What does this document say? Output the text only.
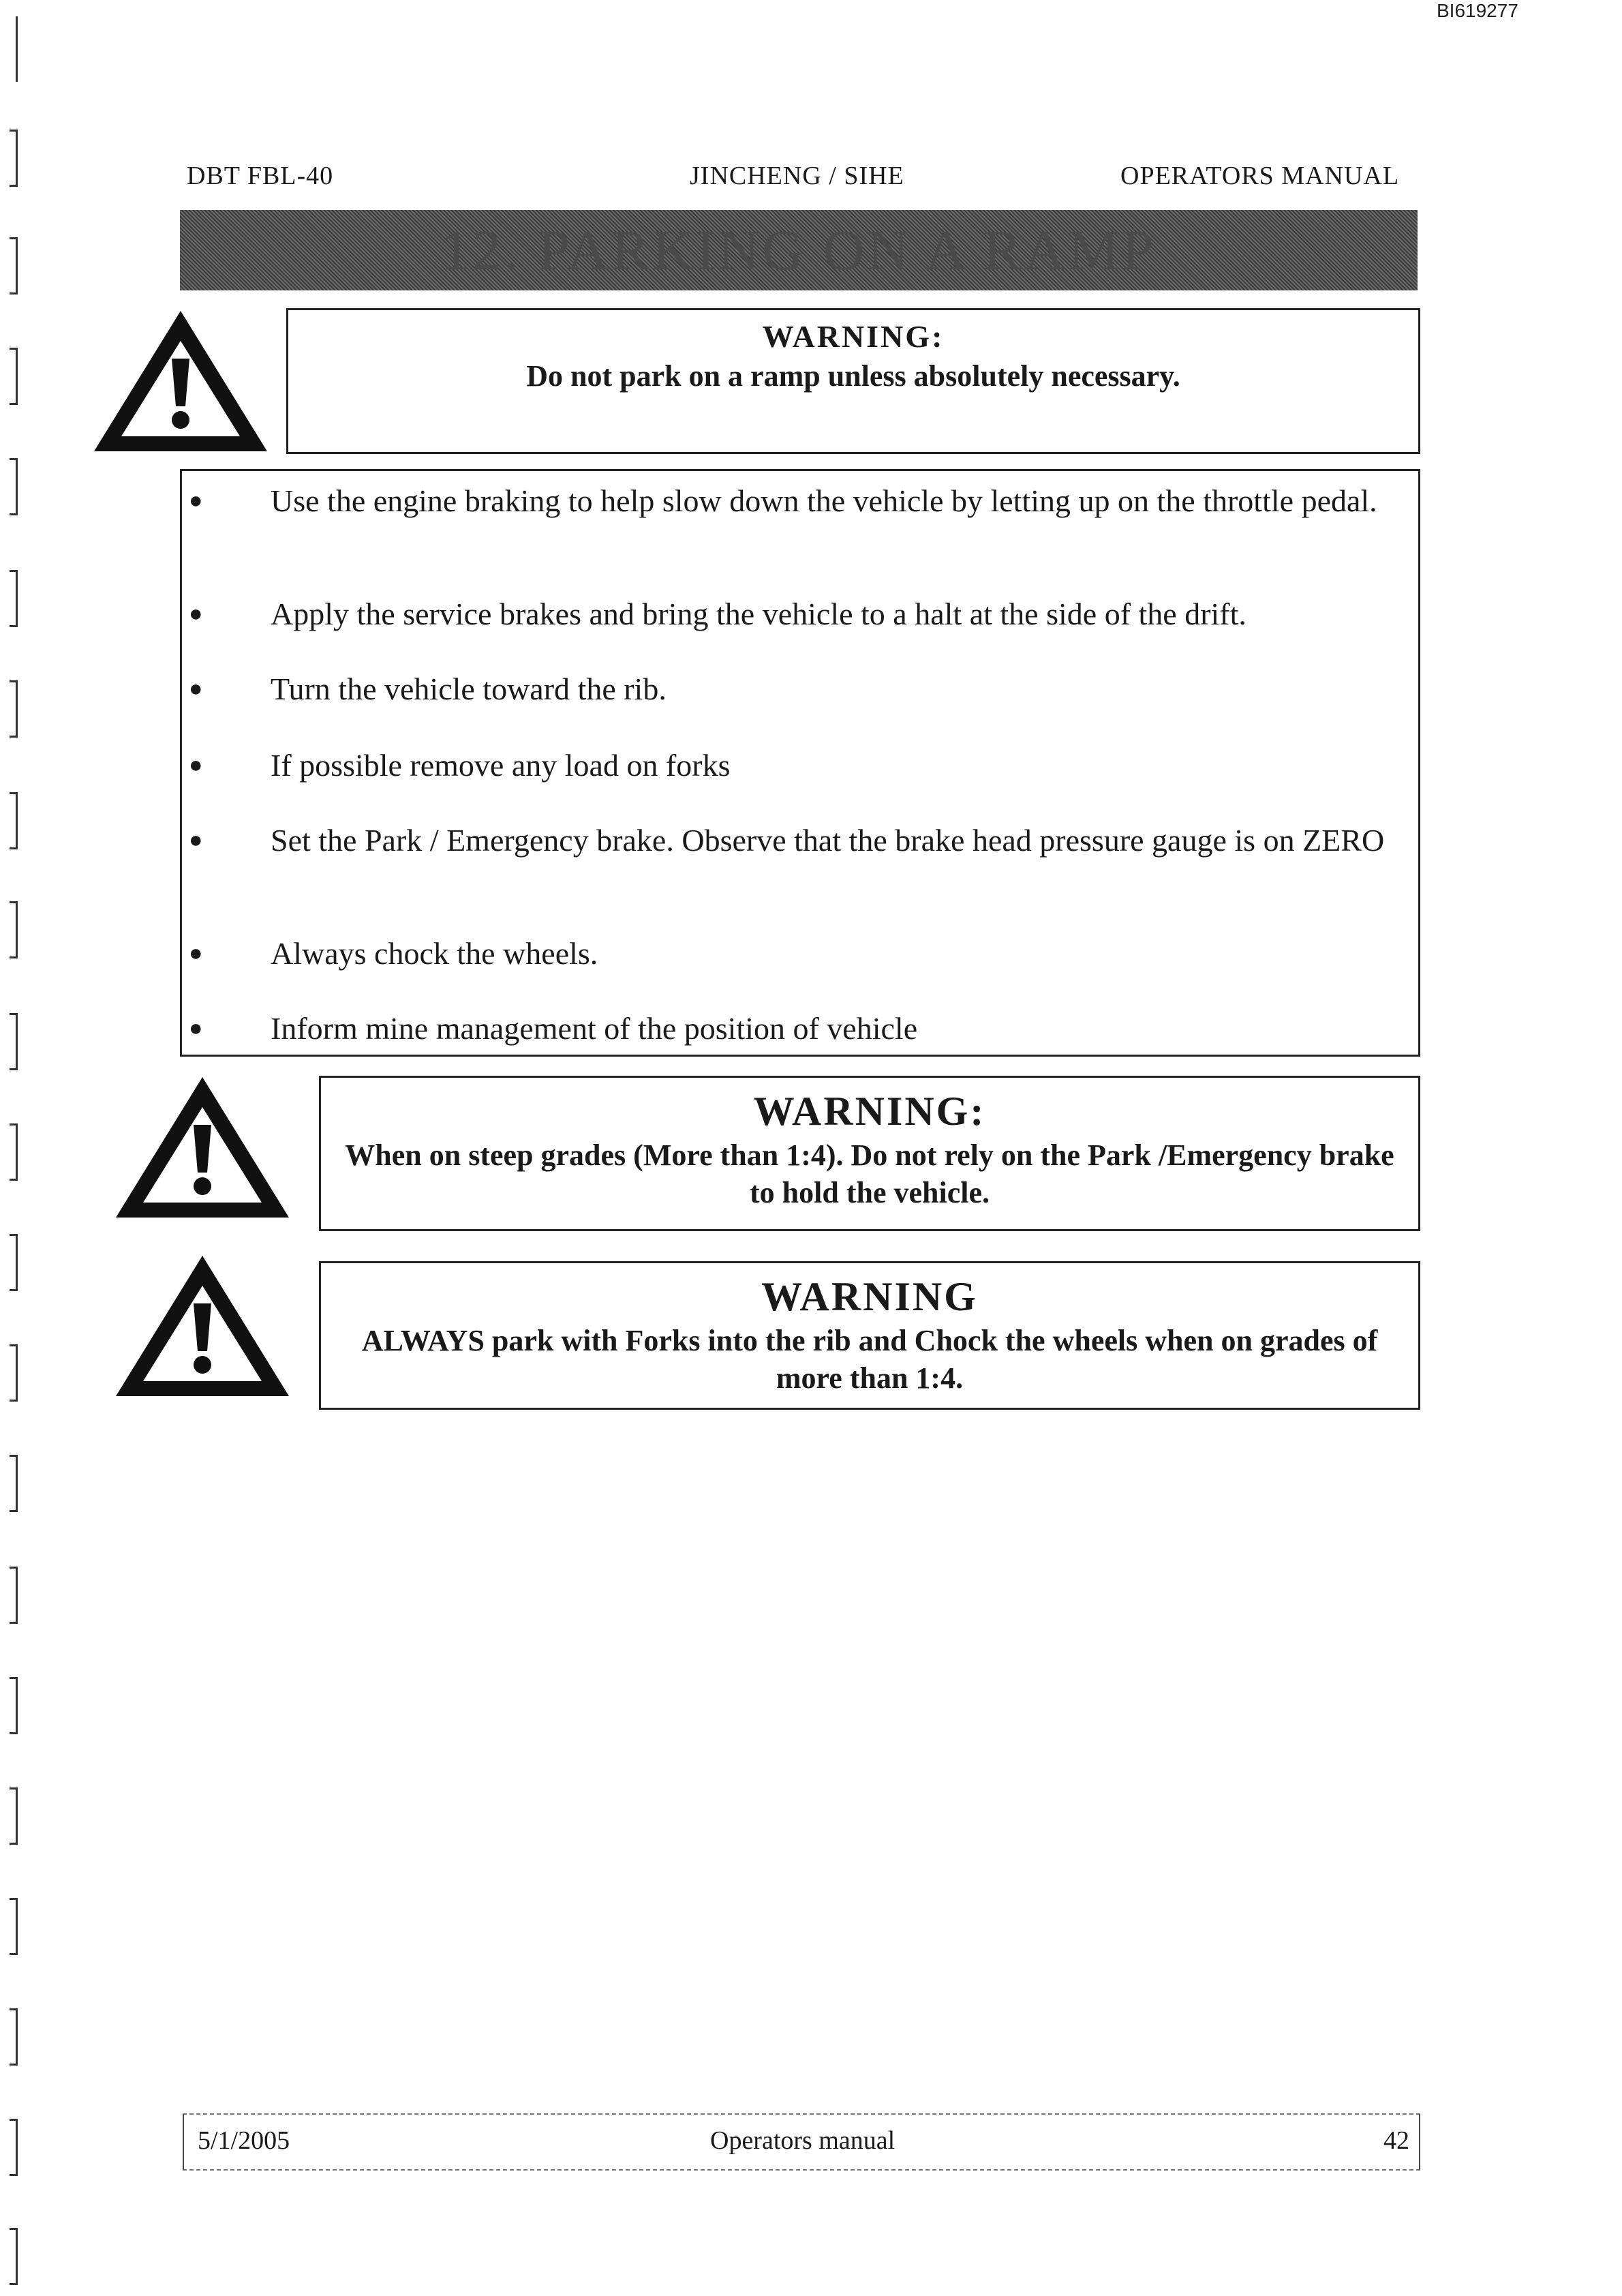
BI619277
DBT FBL-40	JINCHENG / SIHE	OPERATORS MANUAL
12. PARKING ON A RAMP
WARNING:
Do not park on a ramp unless absolutely necessary.
● Use the engine braking to help slow down the vehicle by letting up on the throttle pedal.
● Apply the service brakes and bring the vehicle to a halt at the side of the drift.
● Turn the vehicle toward the rib.
● If possible remove any load on forks
● Set the Park / Emergency brake. Observe that the brake head pressure gauge is on ZERO
● Always chock the wheels.
● Inform mine management of the position of vehicle
WARNING:
When on steep grades (More than 1:4). Do not rely on the Park /Emergency brake to hold the vehicle.
WARNING
ALWAYS park with Forks into the rib and Chock the wheels when on grades of more than 1:4.
5/1/2005	Operators manual	42
